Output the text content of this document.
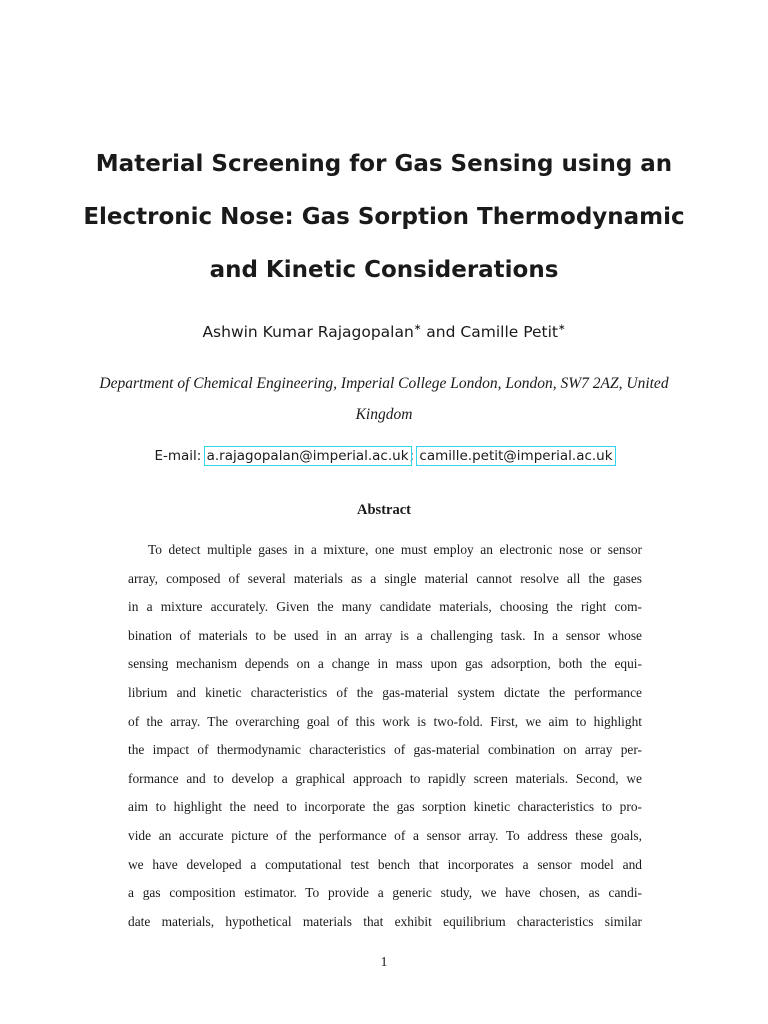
Material Screening for Gas Sensing using an
Electronic Nose: Gas Sorption Thermodynamic
and Kinetic Considerations
Ashwin Kumar Rajagopalan∗ and Camille Petit∗
Department of Chemical Engineering, Imperial College London, London, SW7 2AZ, United
Kingdom
E-mail: a.rajagopalan@imperial.ac.uk; camille.petit@imperial.ac.uk
Abstract
To detect multiple gases in a mixture, one must employ an electronic nose or sensor
array, composed of several materials as a single material cannot resolve all the gases
in a mixture accurately. Given the many candidate materials, choosing the right com-
bination of materials to be used in an array is a challenging task. In a sensor whose
sensing mechanism depends on a change in mass upon gas adsorption, both the equi-
librium and kinetic characteristics of the gas-material system dictate the performance
of the array. The overarching goal of this work is two-fold. First, we aim to highlight
the impact of thermodynamic characteristics of gas-material combination on array per-
formance and to develop a graphical approach to rapidly screen materials. Second, we
aim to highlight the need to incorporate the gas sorption kinetic characteristics to pro-
vide an accurate picture of the performance of a sensor array. To address these goals,
we have developed a computational test bench that incorporates a sensor model and
a gas composition estimator. To provide a generic study, we have chosen, as candi-
date materials, hypothetical materials that exhibit equilibrium characteristics similar
1
